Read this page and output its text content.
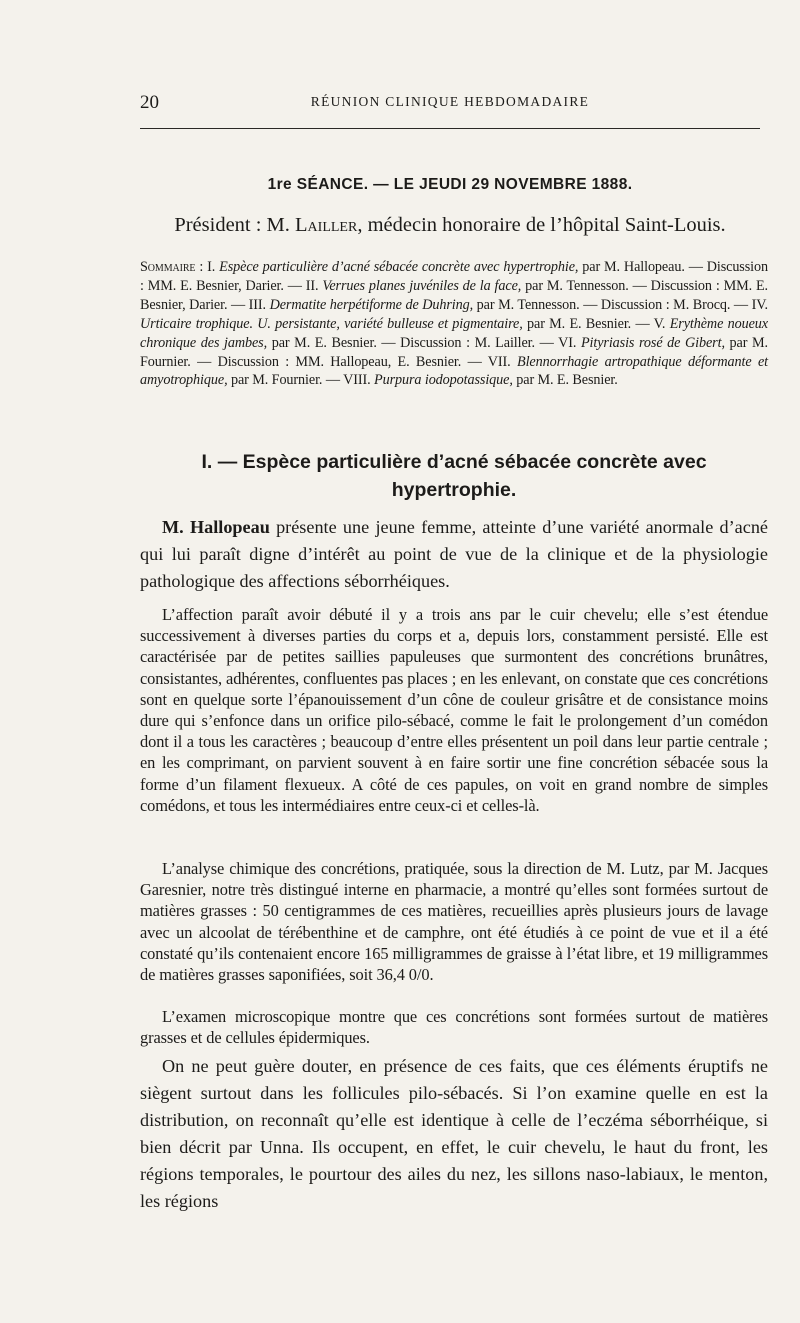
20	RÉUNION CLINIQUE HEBDOMADAIRE
1re SÉANCE. — LE JEUDI 29 NOVEMBRE 1888.
Président : M. Lailler, médecin honoraire de l’hôpital Saint-Louis.
Sommaire : I. Espèce particulière d’acné sébacée concrète avec hypertrophie, par M. Hallopeau. — Discussion : MM. E. Besnier, Darier. — II. Verrues planes juvéniles de la face, par M. Tennesson. — Discussion : MM. E. Besnier, Darier. — III. Dermatite herpétiforme de Duhring, par M. Tennesson. — Discussion : M. Brocq. — IV. Urticaire trophique. U. persistante, variété bulleuse et pigmentaire, par M. E. Besnier. — V. Erythème noueux chronique des jambes, par M. E. Besnier. — Discussion : M. Lailler. — VI. Pityriasis rosé de Gibert, par M. Fournier. — Discussion : MM. Hallopeau, E. Besnier. — VII. Blennorrhagie artropathique déformante et amyotrophique, par M. Fournier. — VIII. Purpura iodopotassique, par M. E. Besnier.
I. — Espèce particulière d’acné sébacée concrète avec hypertrophie.

M. Hallopeau présente une jeune femme, atteinte d’une variété anormale d’acné qui lui paraît digne d’intérêt au point de vue de la clinique et de la physiologie pathologique des affections séborrhéiques.

L’affection paraît avoir débuté il y a trois ans par le cuir chevelu; elle s’est étendue successivement à diverses parties du corps et a, depuis lors, constamment persisté. Elle est caractérisée par de petites saillies papuleuses que surmontent des concrétions brunâtres, consistantes, adhérentes, confluentes pas places ; en les enlevant, on constate que ces concrétions sont en quelque sorte l’épanouissement d’un cône de couleur grisâtre et de consistance moins dure qui s’enfonce dans un orifice pilo-sébacé, comme le fait le prolongement d’un comédon dont il a tous les caractères ; beaucoup d’entre elles présentent un poil dans leur partie centrale ; en les comprimant, on parvient souvent à en faire sortir une fine concrétion sébacée sous la forme d’un filament flexueux. A côté de ces papules, on voit en grand nombre de simples comédons, et tous les intermédiaires entre ceux-ci et celles-là.

L’analyse chimique des concrétions, pratiquée, sous la direction de M. Lutz, par M. Jacques Garesnier, notre très distingué interne en pharmacie, a montré qu’elles sont formées surtout de matières grasses : 50 centigrammes de ces matières, recueillies après plusieurs jours de lavage avec un alcoolat de térébenthine et de camphre, ont été étudiés à ce point de vue et il a été constaté qu’ils contenaient encore 165 milligrammes de graisse à l’état libre, et 19 milligrammes de matières grasses saponifiées, soit 36,4 0/0.

L’examen microscopique montre que ces concrétions sont formées surtout de matières grasses et de cellules épidermiques.

On ne peut guère douter, en présence de ces faits, que ces éléments éruptifs ne siègent surtout dans les follicules pilo-sébacés. Si l’on examine quelle en est la distribution, on reconnaît qu’elle est identique à celle de l’eczéma séborrhéique, si bien décrit par Unna. Ils occupent, en effet, le cuir chevelu, le haut du front, les régions temporales, le pourtour des ailes du nez, les sillons naso-labiaux, le menton, les régions
